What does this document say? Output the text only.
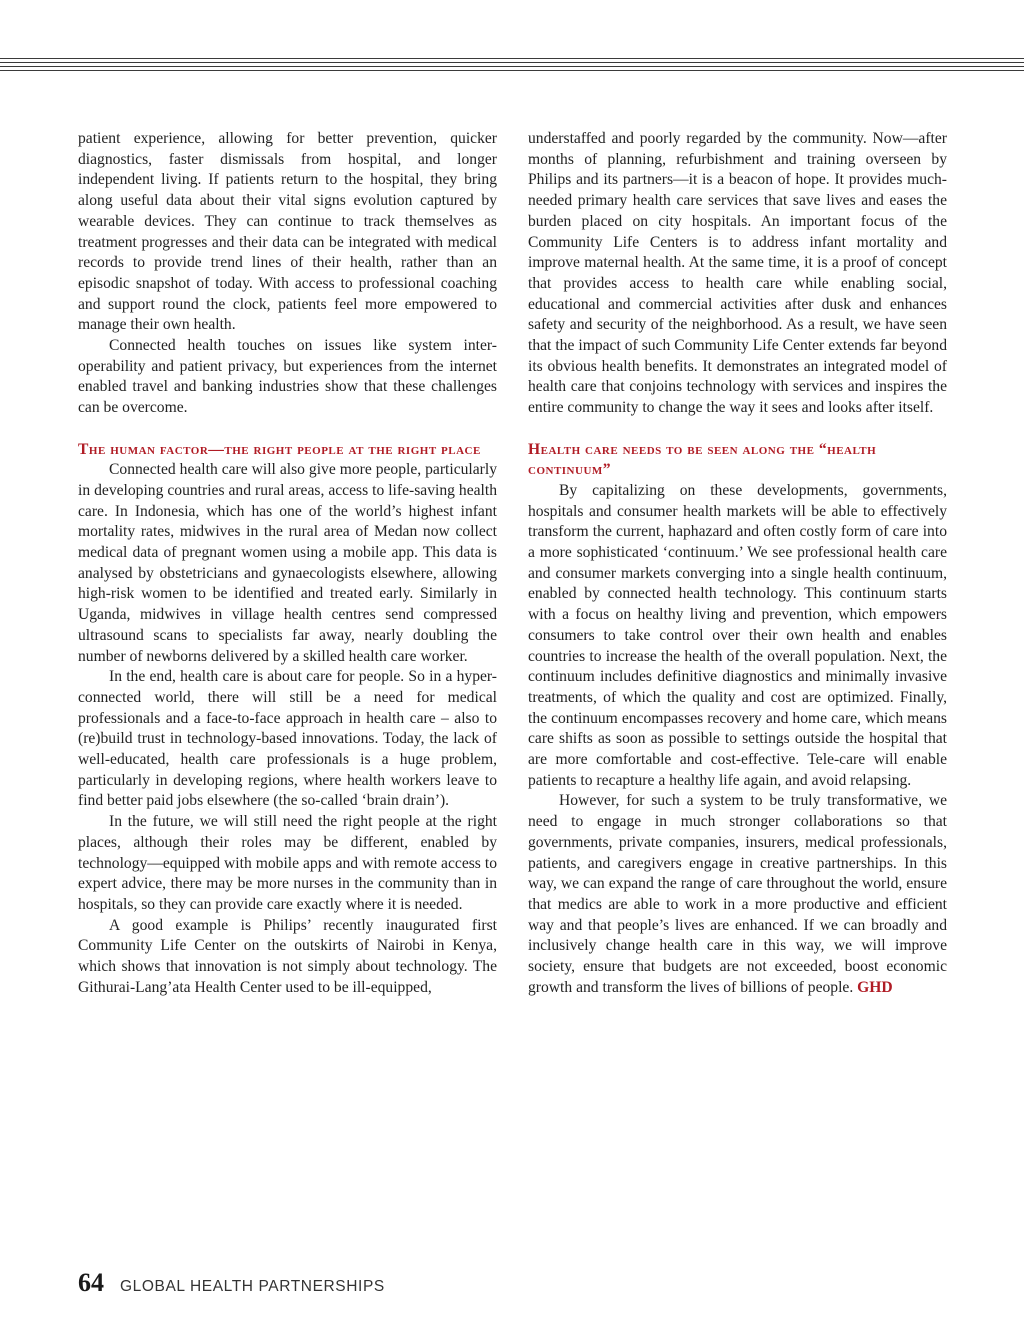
patient experience, allowing for better prevention, quicker diagnostics, faster dismissals from hospital, and longer independent living. If patients return to the hospital, they bring along useful data about their vital signs evolution captured by wearable devices. They can continue to track themselves as treatment progresses and their data can be integrated with medical records to provide trend lines of their health, rather than an episodic snapshot of today. With access to professional coaching and support round the clock, patients feel more empowered to manage their own health.

Connected health touches on issues like system inter-operability and patient privacy, but experiences from the internet enabled travel and banking industries show that these challenges can be overcome.

The human factor—the right people at the right place

Connected health care will also give more people, particularly in developing countries and rural areas, access to life-saving health care. In Indonesia, which has one of the world’s highest infant mortality rates, midwives in the rural area of Medan now collect medical data of pregnant women using a mobile app. This data is analysed by obstetricians and gynaecologists elsewhere, allowing high-risk women to be identified and treated early. Similarly in Uganda, midwives in village health centres send compressed ultrasound scans to specialists far away, nearly doubling the number of newborns delivered by a skilled health care worker.

In the end, health care is about care for people. So in a hyper-connected world, there will still be a need for medical professionals and a face-to-face approach in health care – also to (re)build trust in technology-based innovations. Today, the lack of well-educated, health care professionals is a huge problem, particularly in developing regions, where health workers leave to find better paid jobs elsewhere (the so-called ‘brain drain’).

In the future, we will still need the right people at the right places, although their roles may be different, enabled by technology—equipped with mobile apps and with remote access to expert advice, there may be more nurses in the community than in hospitals, so they can provide care exactly where it is needed.

A good example is Philips’ recently inaugurated first Community Life Center on the outskirts of Nairobi in Kenya, which shows that innovation is not simply about technology. The Githurai-Lang’ata Health Center used to be ill-equipped,

understaffed and poorly regarded by the community. Now—after months of planning, refurbishment and training overseen by Philips and its partners—it is a beacon of hope. It provides much-needed primary health care services that save lives and eases the burden placed on city hospitals. An important focus of the Community Life Centers is to address infant mortality and improve maternal health. At the same time, it is a proof of concept that provides access to health care while enabling social, educational and commercial activities after dusk and enhances safety and security of the neighborhood. As a result, we have seen that the impact of such Community Life Center extends far beyond its obvious health benefits. It demonstrates an integrated model of health care that conjoins technology with services and inspires the entire community to change the way it sees and looks after itself.

Health care needs to be seen along the “health continuum”

By capitalizing on these developments, governments, hospitals and consumer health markets will be able to effectively transform the current, haphazard and often costly form of care into a more sophisticated ‘continuum.’ We see professional health care and consumer markets converging into a single health continuum, enabled by connected health technology. This continuum starts with a focus on healthy living and prevention, which empowers consumers to take control over their own health and enables countries to increase the health of the overall population. Next, the continuum includes definitive diagnostics and minimally invasive treatments, of which the quality and cost are optimized. Finally, the continuum encompasses recovery and home care, which means care shifts as soon as possible to settings outside the hospital that are more comfortable and cost-effective. Tele-care will enable patients to recapture a healthy life again, and avoid relapsing.

However, for such a system to be truly transformative, we need to engage in much stronger collaborations so that governments, private companies, insurers, medical professionals, patients, and caregivers engage in creative partnerships. In this way, we can expand the range of care throughout the world, ensure that medics are able to work in a more productive and efficient way and that people’s lives are enhanced. If we can broadly and inclusively change health care in this way, we will improve society, ensure that budgets are not exceeded, boost economic growth and transform the lives of billions of people. GHD

64 GLOBAL HEALTH PARTNERSHIPS
